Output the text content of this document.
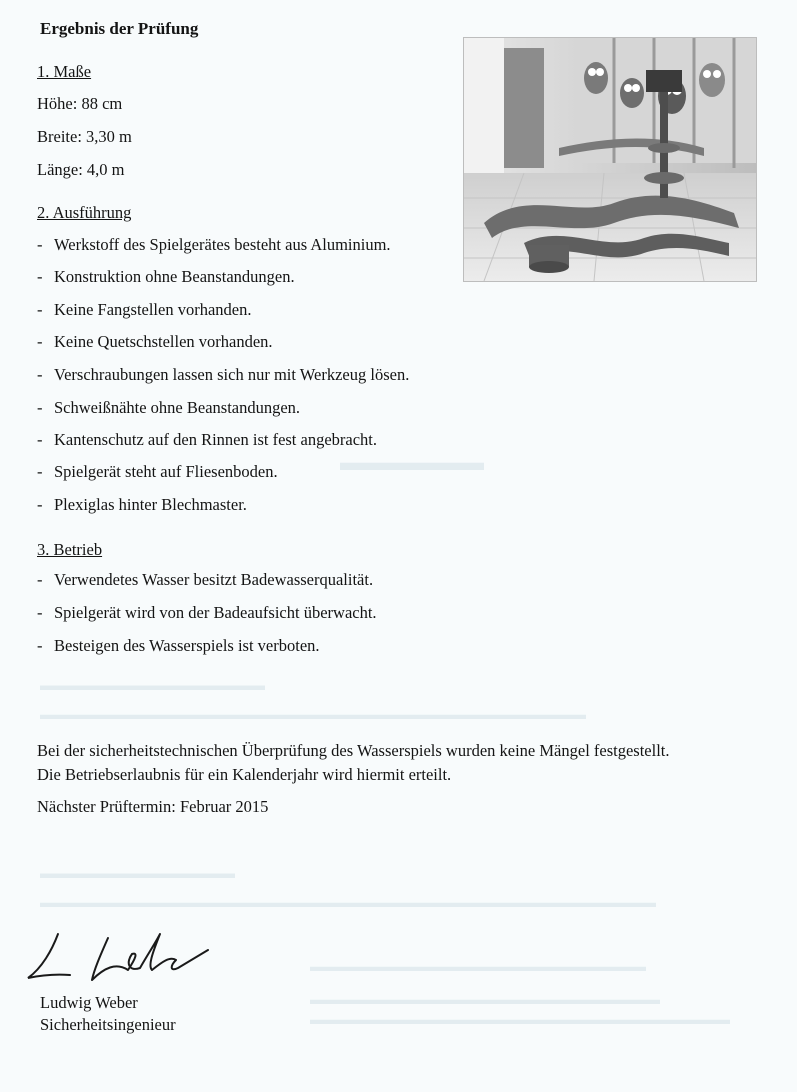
▬▬▬▬▬▬
▬▬▬▬▬▬▬▬▬▬▬▬▬▬▬
▬▬▬▬▬▬▬▬▬▬▬▬▬▬▬▬▬▬▬▬▬▬▬▬▬▬▬▬▬▬▬▬▬▬▬▬▬▬▬
▬▬▬▬▬▬▬▬▬▬▬▬▬
▬▬▬▬▬▬▬▬▬▬▬▬▬▬▬▬▬▬▬▬▬▬▬▬▬▬▬▬▬▬▬▬▬▬▬▬▬▬▬▬▬▬▬▬
▬▬▬▬▬▬▬▬▬▬▬▬▬▬▬▬▬▬▬▬▬▬▬▬
▬▬▬▬▬▬▬▬▬▬▬▬▬▬▬▬▬▬▬▬▬▬▬▬▬
▬▬▬▬▬▬▬▬▬▬▬▬▬▬▬▬▬▬▬▬▬▬▬▬▬▬▬▬▬▬
Ergebnis der Prüfung
1. Maße
Höhe: 88 cm
Breite: 3,30 m
Länge: 4,0 m
2. Ausführung
- Werkstoff des Spielgerätes besteht aus Aluminium.
- Konstruktion ohne Beanstandungen.
- Keine Fangstellen vorhanden.
- Keine Quetschstellen vorhanden.
- Verschraubungen lassen sich nur mit Werkzeug lösen.
- Schweißnähte ohne Beanstandungen.
- Kantenschutz auf den Rinnen ist fest angebracht.
- Spielgerät steht auf Fliesenboden.
- Plexiglas hinter Blechmaster.
3. Betrieb
- Verwendetes Wasser besitzt Badewasserqualität.
- Spielgerät wird von der Badeaufsicht überwacht.
- Besteigen des Wasserspiels ist verboten.
Bei der sicherheitstechnischen Überprüfung des Wasserspiels wurden keine Mängel festgestellt.
Die Betriebserlaubnis für ein Kalenderjahr wird hiermit erteilt.
Nächster Prüftermin: Februar 2015
Ludwig Weber
Sicherheitsingenieur
